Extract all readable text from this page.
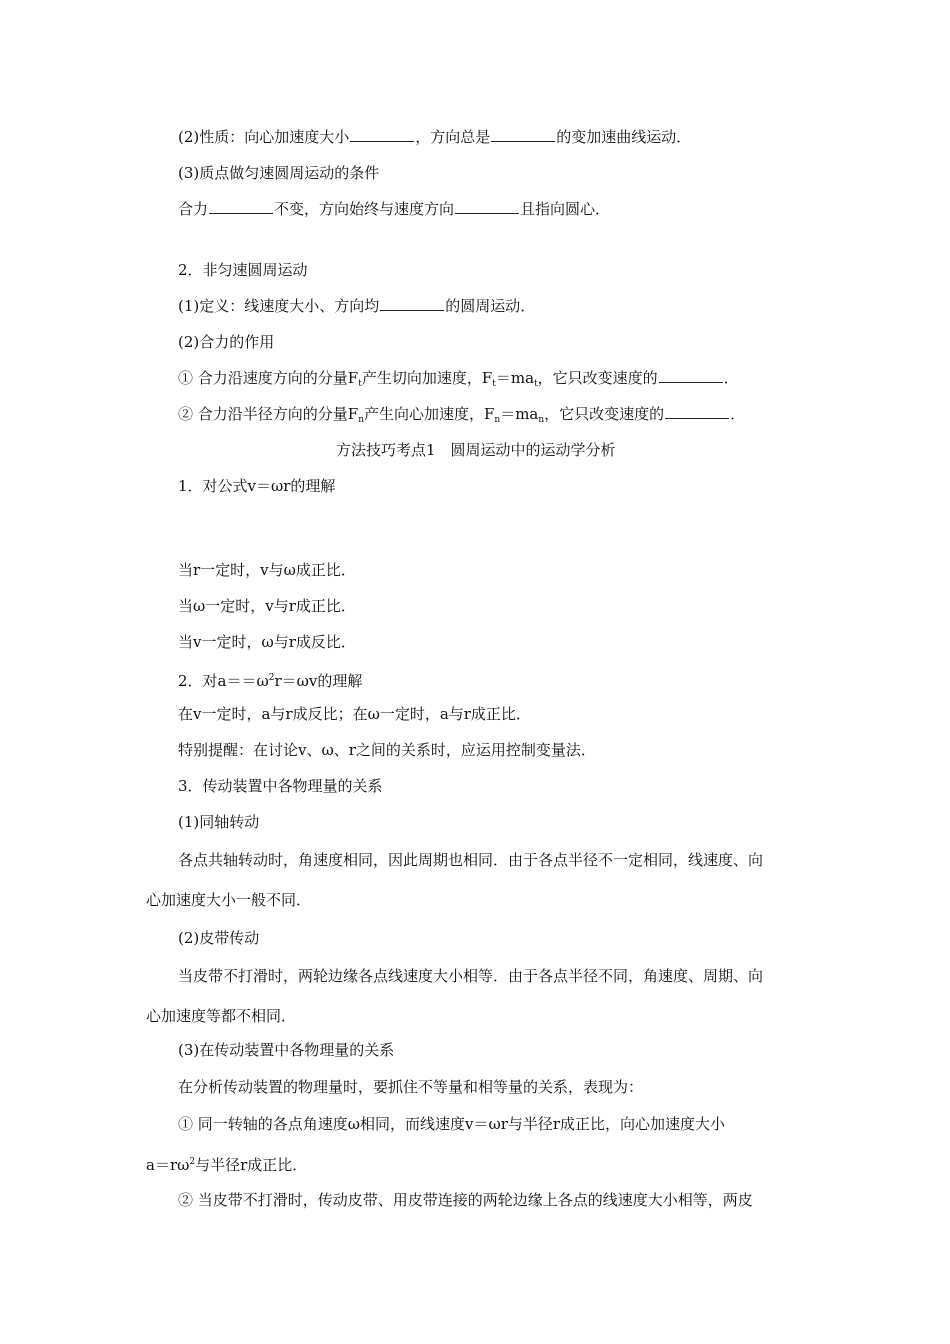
(2)性质：向心加速度大小	，方向总是	的变加速曲线运动．
(3)质点做匀速圆周运动的条件
合力	不变，方向始终与速度方向	且指向圆心．
2．非匀速圆周运动
(1)定义：线速度大小、方向均	的圆周运动．
(2)合力的作用
① 合力沿速度方向的分量$F_t$产生切向加速度，$F_t=ma_t$，它只改变速度的	．
② 合力沿半径方向的分量$F_n$产生向心加速度，$F_n=ma_n$，它只改变速度的	．
方法技巧考点1　圆周运动中的运动学分析
1．对公式v＝ωr的理解
当r一定时，v与ω成正比．
当ω一定时，v与r成正比．
当v一定时，ω与r成反比．
2．对$a==\omega^2r=\omega v$的理解
在v一定时，a与r成反比；在ω一定时，a与r成正比．
特别提醒：在讨论v、ω、r之间的关系时，应运用控制变量法．
3．传动装置中各物理量的关系
(1)同轴转动
各点共轴转动时，角速度相同，因此周期也相同．由于各点半径不一定相同，线速度、向
心加速度大小一般不同．
(2)皮带传动
当皮带不打滑时，两轮边缘各点线速度大小相等．由于各点半径不同，角速度、周期、向
心加速度等都不相同．
(3)在传动装置中各物理量的关系
在分析传动装置的物理量时，要抓住不等量和相等量的关系，表现为：
① 同一转轴的各点角速度ω相同，而线速度v＝ωr与半径r成正比，向心加速度大小
$a=r\omega^2$与半径r成正比．
② 当皮带不打滑时，传动皮带、用皮带连接的两轮边缘上各点的线速度大小相等，两皮
